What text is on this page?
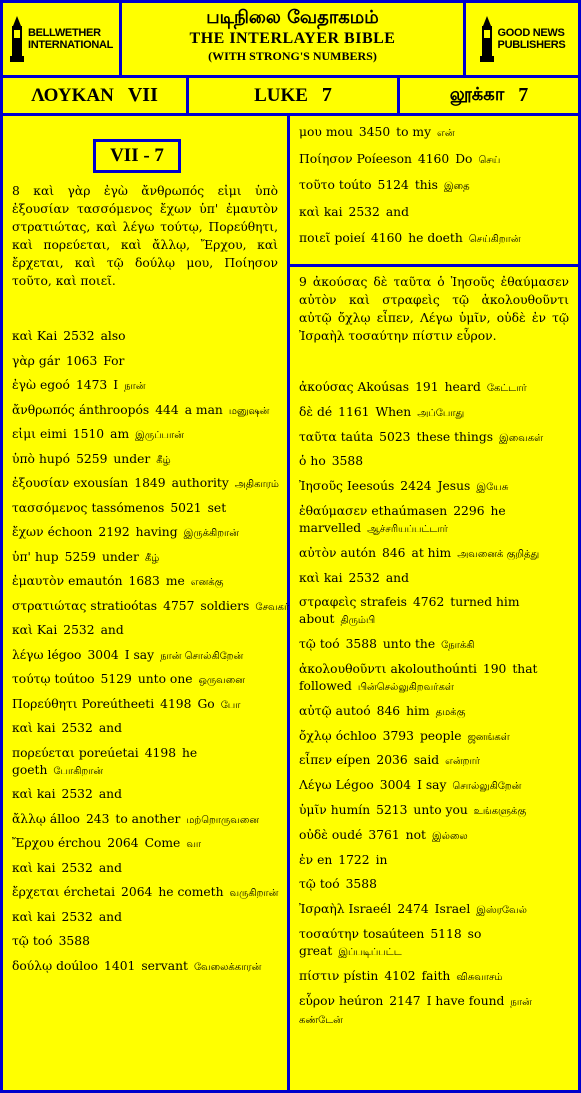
BELLWETHER
INTERNATIONAL
படிநிலை வேதாகமம்
THE INTERLAYER BIBLE
(WITH STRONG'S NUMBERS)
GOOD NEWS
PUBLISHERS
ΛΟΥΚΑΝ VII	LUKE 7	லூக்கா 7
VII - 7
8 καὶ γὰρ ἐγὼ ἄνθρωπός εἰμι ὑπὸ ἐξουσίαν τασσόμενος ἔχων ὑπ' ἐμαυτὸν στρατιώτας, καὶ λέγω τούτῳ, Πορεύθητι, καὶ πορεύεται, καὶ ἄλλῳ, Ἔρχου, καὶ ἔρχεται, καὶ τῷ δούλῳ μου, Ποίησον τοῦτο, καὶ ποιεῖ.
καὶ Kai 2532 also
γὰρ gár 1063 For
ἐγὼ egoó 1473 I நான்
ἄνθρωπός ánthroopós 444 a man மனுஷன்
εἰμι eimi 1510 am இருப்பான்
ὑπὸ hupó 5259 under கீழ்
ἐξουσίαν exousían 1849 authority அதிகாரம்
τασσόμενος tassómenos 5021 set
ἔχων échoon 2192 having இருக்கிறான்
ὑπ' hup 5259 under கீழ்
ἐμαυτὸν emautón 1683 me எனக்கு
στρατιώτας stratioótas 4757 soldiers சேவகர்
καὶ Kai 2532 and
λέγω légoo 3004 I say நான் சொல்கிறேன்
τούτῳ toútoo 5129 unto one ஒருவனை
Πορεύθητι Poreútheeti 4198 Go போ
καὶ kai 2532 and
πορεύεται poreúetai 4198 he goeth போகிறான்
καὶ kai 2532 and
ἄλλῳ álloo 243 to another மற்றொருவனை
Ἔρχου érchou 2064 Come வா
καὶ kai 2532 and
ἔρχεται érchetai 2064 he cometh வருகிறான்
καὶ kai 2532 and
τῷ toó 3588
δούλῳ doúloo 1401 servant வேலைக்காரன்
μου mou 3450 to my என்
Ποίησον Poíeeson 4160 Do செய்
τοῦτο toúto 5124 this இதை
καὶ kai 2532 and
ποιεῖ poieí 4160 he doeth செய்கிறான்
9 ἀκούσας δὲ ταῦτα ὁ Ἰησοῦς ἐθαύμασεν αὐτὸν καὶ στραφεὶς τῷ ἀκολουθοῦντι αὐτῷ ὄχλῳ εἶπεν, Λέγω ὑμῖν, οὐδὲ ἐν τῷ Ἰσραὴλ τοσαύτην πίστιν εὗρον.
ἀκούσας Akoúsas 191 heard கேட்டார்
δὲ dé 1161 When அப்போது
ταῦτα taúta 5023 these things இவைகள்
ὁ ho 3588
Ἰησοῦς Ieesoús 2424 Jesus இயேசு
ἐθαύμασεν ethaúmasen 2296 he marvelled ஆச்சரியப்பட்டார்
αὐτὸν autón 846 at him அவனைக் குறித்து
καὶ kai 2532 and
στραφεὶς strafeis 4762 turned him about திரும்பி
τῷ toó 3588 unto the நோக்கி
ἀκολουθοῦντι akolouthoúnti 190 that followed பின்செல்லுகிறவர்கள்
αὐτῷ autoó 846 him தமக்கு
ὄχλῳ óchloo 3793 people ஜனங்கள்
εἶπεν eípen 2036 said என்றார்
Λέγω Légoo 3004 I say சொல்லுகிறேன்
ὑμῖν humín 5213 unto you உங்களுக்கு
οὐδὲ oudé 3761 not இல்லை
ἐν en 1722 in
τῷ toó 3588
Ἰσραὴλ Israeél 2474 Israel இஸ்ரவேல்
τοσαύτην tosaúteen 5118 so great இப்படிப்பட்ட
πίστιν pístin 4102 faith விசுவாசம்
εὗρον heúron 2147 I have found நான் கண்டேன்
